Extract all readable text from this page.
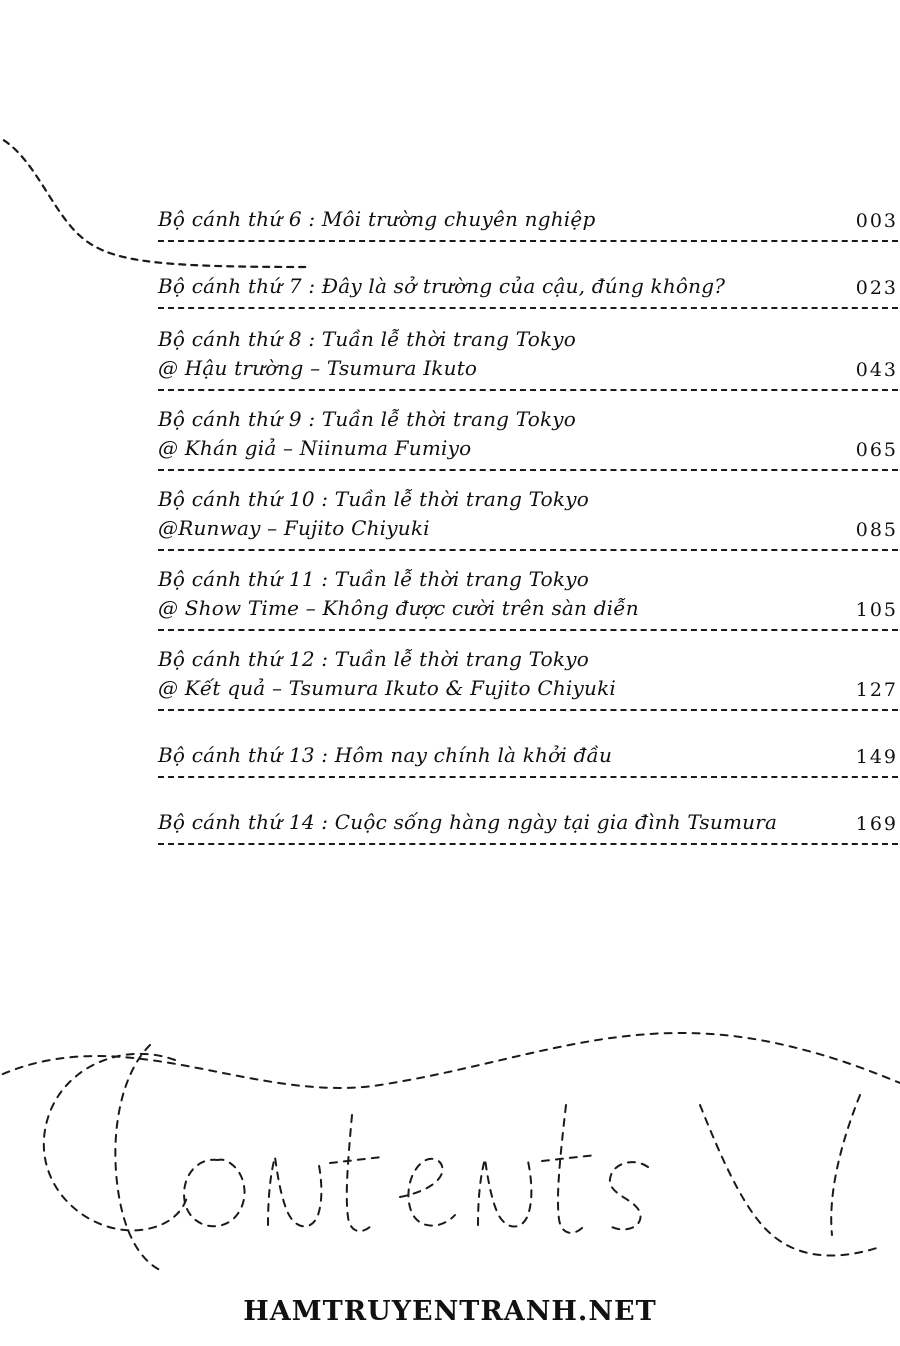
Bộ cánh thứ 6 : Môi trường chuyên nghiệp	003
Bộ cánh thứ 7 : Đây là sở trường của cậu, đúng không?	023
Bộ cánh thứ 8 : Tuần lễ thời trang Tokyo
@ Hậu trường – Tsumura Ikuto	043
Bộ cánh thứ 9 : Tuần lễ thời trang Tokyo
@ Khán giả – Niinuma Fumiyo	065
Bộ cánh thứ 10 : Tuần lễ thời trang Tokyo
@Runway – Fujito Chiyuki	085
Bộ cánh thứ 11 : Tuần lễ thời trang Tokyo
@ Show Time – Không được cười trên sàn diễn	105
Bộ cánh thứ 12 : Tuần lễ thời trang Tokyo
@ Kết quả – Tsumura Ikuto & Fujito Chiyuki	127
Bộ cánh thứ 13 : Hôm nay chính là khởi đầu	149
Bộ cánh thứ 14 : Cuộc sống hàng ngày tại gia đình Tsumura	169
HAMTRUYENTRANH.NET
